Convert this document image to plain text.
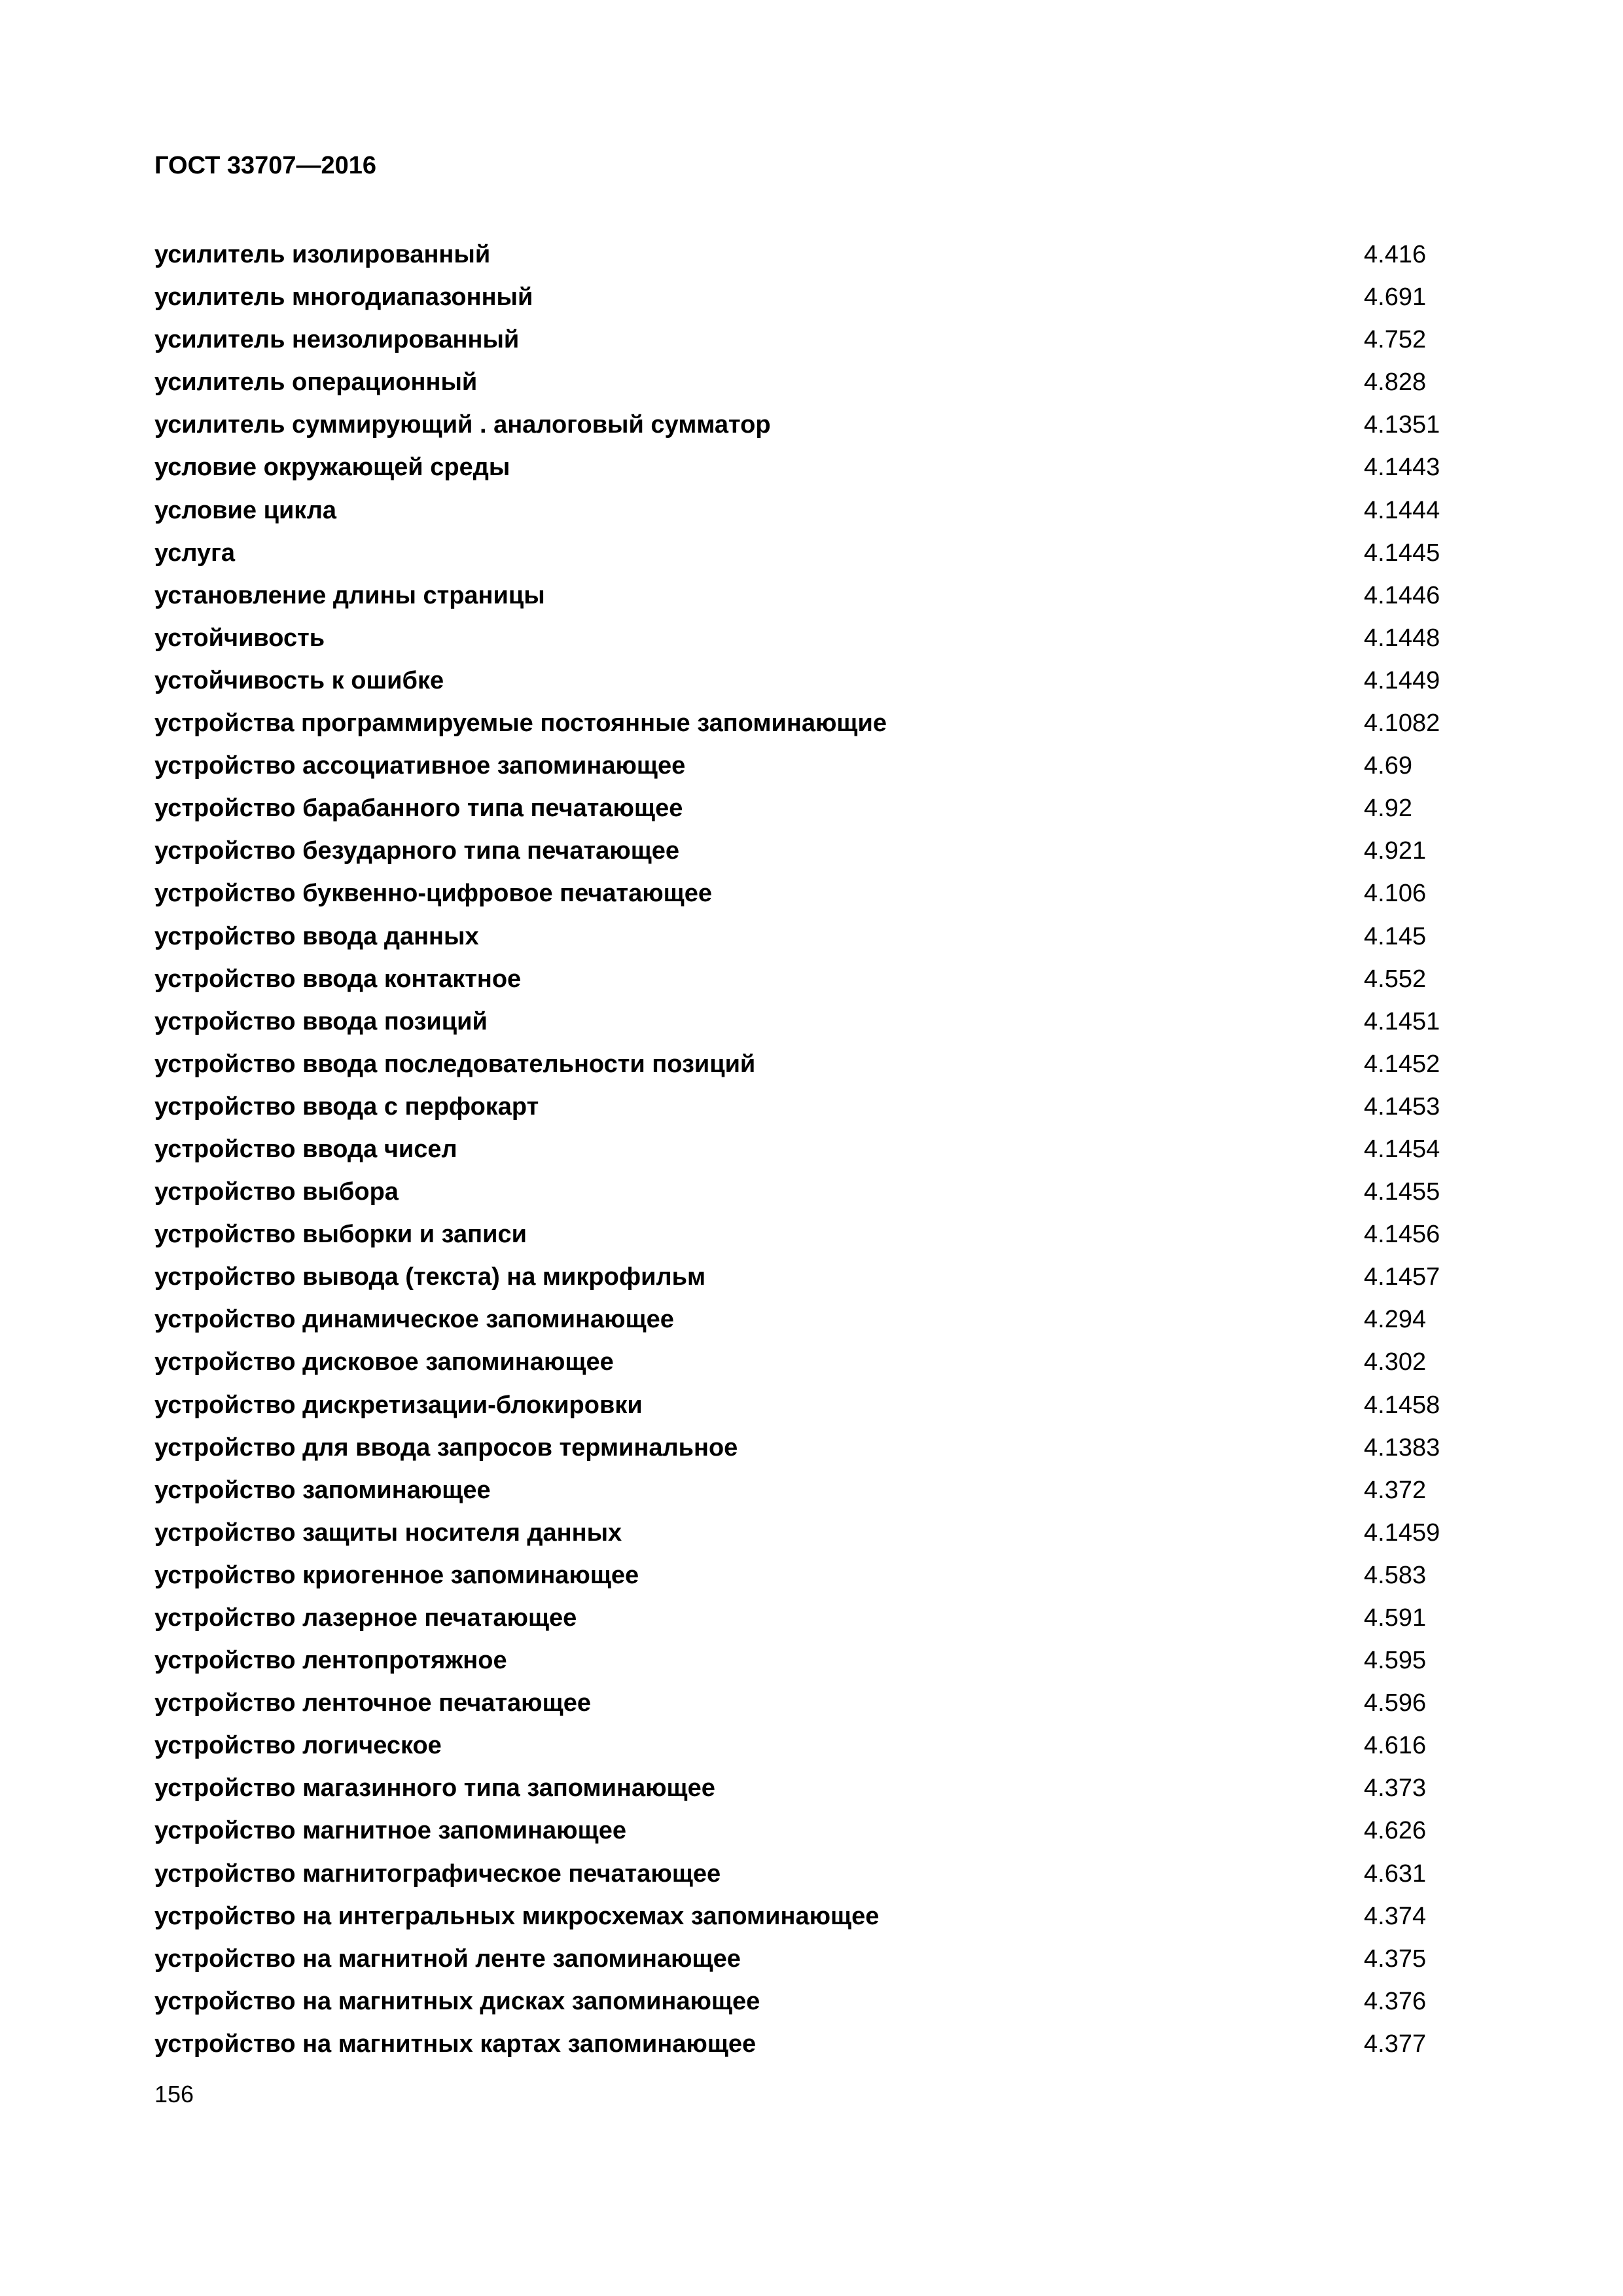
ГОСТ 33707—2016
усилитель изолированный	4.416
усилитель многодиапазонный	4.691
усилитель неизолированный	4.752
усилитель операционный	4.828
усилитель суммирующий . аналоговый сумматор	4.1351
условие окружающей среды	4.1443
условие цикла	4.1444
услуга	4.1445
установление длины страницы	4.1446
устойчивость	4.1448
устойчивость к ошибке	4.1449
устройства программируемые постоянные запоминающие	4.1082
устройство ассоциативное запоминающее	4.69
устройство барабанного типа печатающее	4.92
устройство безударного типа печатающее	4.921
устройство буквенно-цифровое печатающее	4.106
устройство ввода данных	4.145
устройство ввода контактное	4.552
устройство ввода позиций	4.1451
устройство ввода последовательности позиций	4.1452
устройство ввода с перфокарт	4.1453
устройство ввода чисел	4.1454
устройство выбора	4.1455
устройство выборки и записи	4.1456
устройство вывода (текста) на микрофильм	4.1457
устройство динамическое запоминающее	4.294
устройство дисковое запоминающее	4.302
устройство дискретизации-блокировки	4.1458
устройство для ввода запросов терминальное	4.1383
устройство запоминающее	4.372
устройство защиты носителя данных	4.1459
устройство криогенное запоминающее	4.583
устройство лазерное печатающее	4.591
устройство лентопротяжное	4.595
устройство ленточное печатающее	4.596
устройство логическое	4.616
устройство магазинного типа запоминающее	4.373
устройство магнитное запоминающее	4.626
устройство магнитографическое печатающее	4.631
устройство на интегральных микросхемах запоминающее	4.374
устройство на магнитной ленте запоминающее	4.375
устройство на магнитных дисках запоминающее	4.376
устройство на магнитных картах запоминающее	4.377
156
